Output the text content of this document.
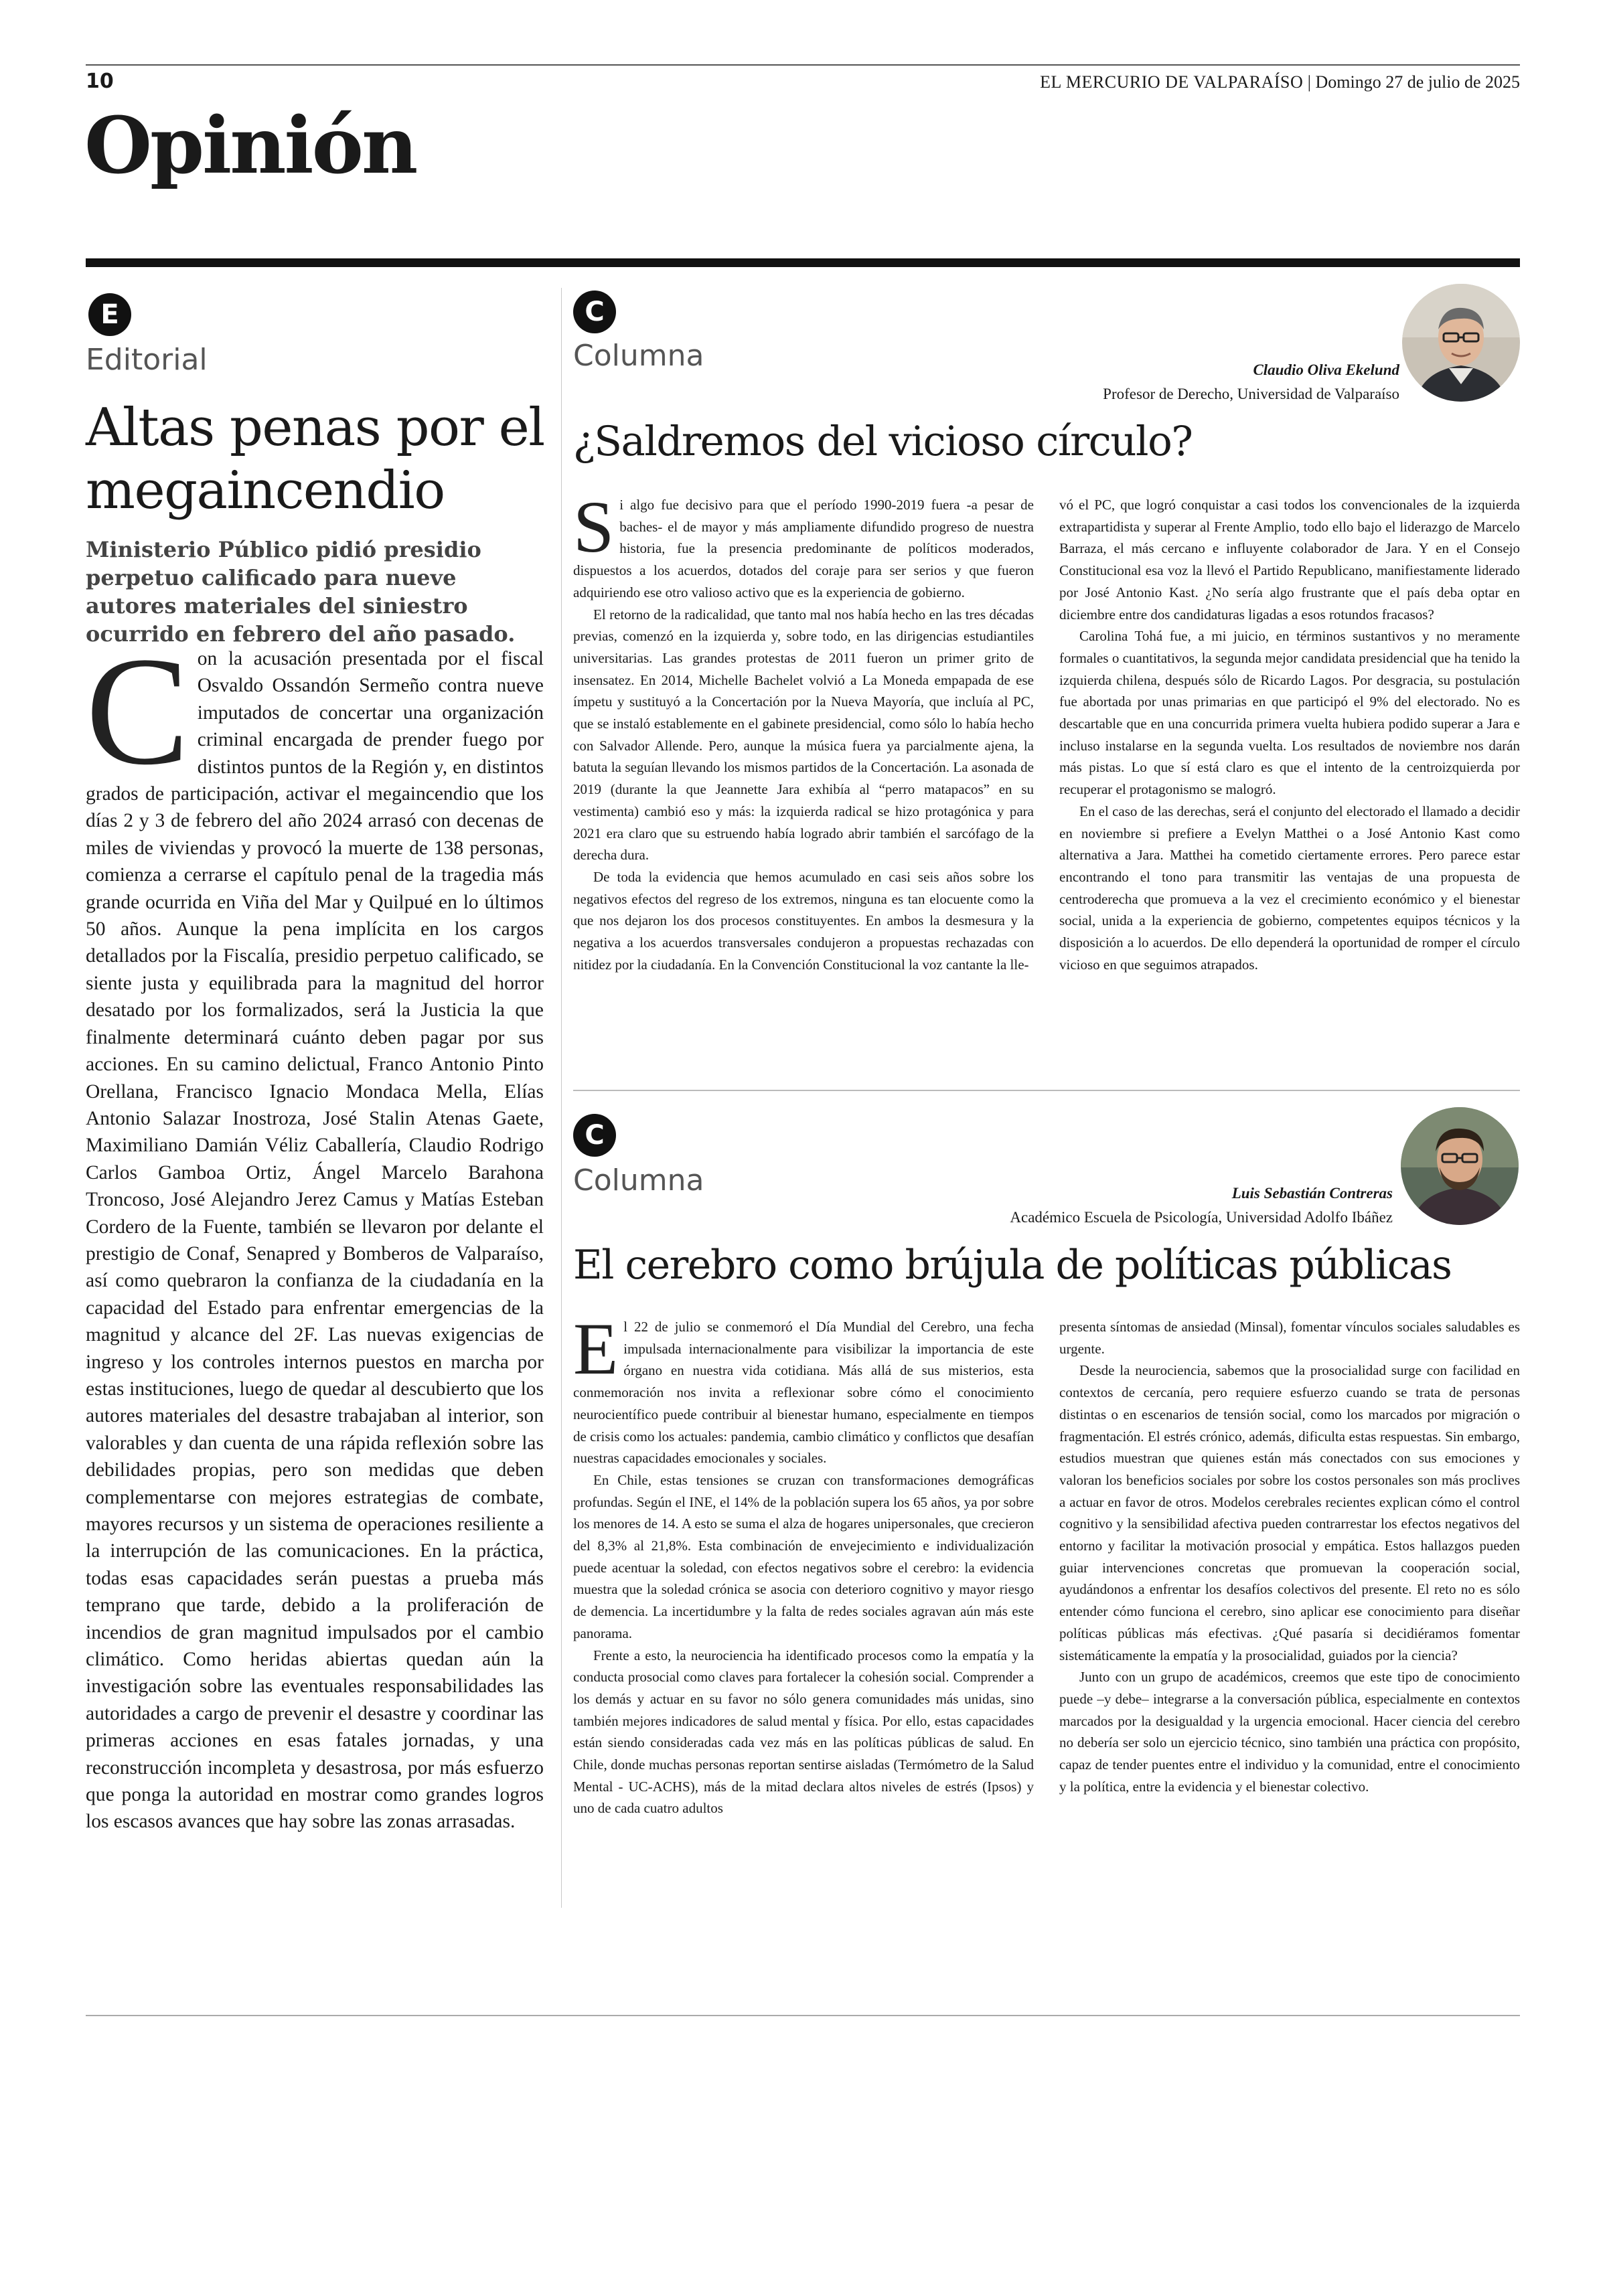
10	EL MERCURIO DE VALPARAÍSO | Domingo 27 de julio de 2025
Opinión
E
Editorial
Altas penas por el
megaincendio

Ministerio Público pidió presidio perpetuo calificado para nueve autores materiales del siniestro ocurrido en febrero del año pasado.

Con la acusación presentada por el fiscal Osvaldo Ossandón Sermeño contra nueve imputados de concertar una organización criminal encargada de prender fuego por distintos puntos de la Región y, en distintos grados de participación, activar el megaincendio que los días 2 y 3 de febrero del año 2024 arrasó con decenas de miles de viviendas y provocó la muerte de 138 personas, comienza a cerrarse el capítulo penal de la tragedia más grande ocurrida en Viña del Mar y Quilpué en lo últimos 50 años. Aunque la pena implícita en los cargos detallados por la Fiscalía, presidio perpetuo calificado, se siente justa y equilibrada para la magnitud del horror desatado por los formalizados, será la Justicia la que finalmente determinará cuánto deben pagar por sus acciones. En su camino delictual, Franco Antonio Pinto Orellana, Francisco Ignacio Mondaca Mella, Elías Antonio Salazar Inostroza, José Stalin Atenas Gaete, Maximiliano Damián Véliz Caballería, Claudio Rodrigo Carlos Gamboa Ortiz, Ángel Marcelo Barahona Troncoso, José Alejandro Jerez Camus y Matías Esteban Cordero de la Fuente, también se llevaron por delante el prestigio de Conaf, Senapred y Bomberos de Valparaíso, así como quebraron la confianza de la ciudadanía en la capacidad del Estado para enfrentar emergencias de la magnitud y alcance del 2F. Las nuevas exigencias de ingreso y los controles internos puestos en marcha por estas instituciones, luego de quedar al descubierto que los autores materiales del desastre trabajaban al interior, son valorables y dan cuenta de una rápida reflexión sobre las debilidades propias, pero son medidas que deben complementarse con mejores estrategias de combate, mayores recursos y un sistema de operaciones resiliente a la interrupción de las comunicaciones. En la práctica, todas esas capacidades serán puestas a prueba más temprano que tarde, debido a la proliferación de incendios de gran magnitud impulsados por el cambio climático. Como heridas abiertas quedan aún la investigación sobre las eventuales responsabilidades las autoridades a cargo de prevenir el desastre y coordinar las primeras acciones en esas fatales jornadas, y una reconstrucción incompleta y desastrosa, por más esfuerzo que ponga la autoridad en mostrar como grandes logros los escasos avances que hay sobre las zonas arrasadas.

C
Columna	Claudio Oliva Ekelund
Profesor de Derecho, Universidad de Valparaíso
¿Saldremos del vicioso círculo?

Si algo fue decisivo para que el período 1990-2019 fuera -a pesar de baches- el de mayor y más ampliamente difundido progreso de nuestra historia, fue la presencia predominante de políticos moderados, dispuestos a los acuerdos, dotados del coraje para ser serios y que fueron adquiriendo ese otro valioso activo que es la experiencia de gobierno.

El retorno de la radicalidad, que tanto mal nos había hecho en las tres décadas previas, comenzó en la izquierda y, sobre todo, en las dirigencias estudiantiles universitarias. Las grandes protestas de 2011 fueron un primer grito de insensatez. En 2014, Michelle Bachelet volvió a La Moneda empapada de ese ímpetu y sustituyó a la Concertación por la Nueva Mayoría, que incluía al PC, que se instaló establemente en el gabinete presidencial, como sólo lo había hecho con Salvador Allende. Pero, aunque la música fuera ya parcialmente ajena, la batuta la seguían llevando los mismos partidos de la Concertación. La asonada de 2019 (durante la que Jeannette Jara exhibía al “perro matapacos” en su vestimenta) cambió eso y más: la izquierda radical se hizo protagónica y para 2021 era claro que su estruendo había logrado abrir también el sarcófago de la derecha dura.

De toda la evidencia que hemos acumulado en casi seis años sobre los negativos efectos del regreso de los extremos, ninguna es tan elocuente como la que nos dejaron los dos procesos constituyentes. En ambos la desmesura y la negativa a los acuerdos transversales condujeron a propuestas rechazadas con nitidez por la ciudadanía. En la Convención Constitucional la voz cantante la lle-

vó el PC, que logró conquistar a casi todos los convencionales de la izquierda extrapartidista y superar al Frente Amplio, todo ello bajo el liderazgo de Marcelo Barraza, el más cercano e influyente colaborador de Jara. Y en el Consejo Constitucional esa voz la llevó el Partido Republicano, manifiestamente liderado por José Antonio Kast. ¿No sería algo frustrante que el país deba optar en diciembre entre dos candidaturas ligadas a esos rotundos fracasos?

Carolina Tohá fue, a mi juicio, en términos sustantivos y no meramente formales o cuantitativos, la segunda mejor candidata presidencial que ha tenido la izquierda chilena, después sólo de Ricardo Lagos. Por desgracia, su postulación fue abortada por unas primarias en que participó el 9% del electorado. No es descartable que en una concurrida primera vuelta hubiera podido superar a Jara e incluso instalarse en la segunda vuelta. Los resultados de noviembre nos darán más pistas. Lo que sí está claro es que el intento de la centroizquierda por recuperar el protagonismo se malogró.

En el caso de las derechas, será el conjunto del electorado el llamado a decidir en noviembre si prefiere a Evelyn Matthei o a José Antonio Kast como alternativa a Jara. Matthei ha cometido ciertamente errores. Pero parece estar encontrando el tono para transmitir las ventajas de una propuesta de centroderecha que promueva a la vez el crecimiento económico y el bienestar social, unida a la experiencia de gobierno, competentes equipos técnicos y la disposición a lo acuerdos. De ello dependerá la oportunidad de romper el círculo vicioso en que seguimos atrapados.

C
Columna	Luis Sebastián Contreras
Académico Escuela de Psicología, Universidad Adolfo Ibáñez
El cerebro como brújula de políticas públicas

El 22 de julio se conmemoró el Día Mundial del Cerebro, una fecha impulsada internacionalmente para visibilizar la importancia de este órgano en nuestra vida cotidiana. Más allá de sus misterios, esta conmemoración nos invita a reflexionar sobre cómo el conocimiento neurocientífico puede contribuir al bienestar humano, especialmente en tiempos de crisis como los actuales: pandemia, cambio climático y conflictos que desafían nuestras capacidades emocionales y sociales.

En Chile, estas tensiones se cruzan con transformaciones demográficas profundas. Según el INE, el 14% de la población supera los 65 años, ya por sobre los menores de 14. A esto se suma el alza de hogares unipersonales, que crecieron del 8,3% al 21,8%. Esta combinación de envejecimiento e individualización puede acentuar la soledad, con efectos negativos sobre el cerebro: la evidencia muestra que la soledad crónica se asocia con deterioro cognitivo y mayor riesgo de demencia. La incertidumbre y la falta de redes sociales agravan aún más este panorama.

Frente a esto, la neurociencia ha identificado procesos como la empatía y la conducta prosocial como claves para fortalecer la cohesión social. Comprender a los demás y actuar en su favor no sólo genera comunidades más unidas, sino también mejores indicadores de salud mental y física. Por ello, estas capacidades están siendo consideradas cada vez más en las políticas públicas de salud. En Chile, donde muchas personas reportan sentirse aisladas (Termómetro de la Salud Mental - UC-ACHS), más de la mitad declara altos niveles de estrés (Ipsos) y uno de cada cuatro adultos

presenta síntomas de ansiedad (Minsal), fomentar vínculos sociales saludables es urgente.

Desde la neurociencia, sabemos que la prosocialidad surge con facilidad en contextos de cercanía, pero requiere esfuerzo cuando se trata de personas distintas o en escenarios de tensión social, como los marcados por migración o fragmentación. El estrés crónico, además, dificulta estas respuestas. Sin embargo, estudios muestran que quienes están más conectados con sus emociones y valoran los beneficios sociales por sobre los costos personales son más proclives a actuar en favor de otros. Modelos cerebrales recientes explican cómo el control cognitivo y la sensibilidad afectiva pueden contrarrestar los efectos negativos del entorno y facilitar la motivación prosocial y empática. Estos hallazgos pueden guiar intervenciones concretas que promuevan la cooperación social, ayudándonos a enfrentar los desafíos colectivos del presente. El reto no es sólo entender cómo funciona el cerebro, sino aplicar ese conocimiento para diseñar políticas públicas más efectivas. ¿Qué pasaría si decidiéramos fomentar sistemáticamente la empatía y la prosocialidad, guiados por la ciencia?

Junto con un grupo de académicos, creemos que este tipo de conocimiento puede –y debe– integrarse a la conversación pública, especialmente en contextos marcados por la desigualdad y la urgencia emocional. Hacer ciencia del cerebro no debería ser solo un ejercicio técnico, sino también una práctica con propósito, capaz de tender puentes entre el individuo y la comunidad, entre el conocimiento y la política, entre la evidencia y el bienestar colectivo.
